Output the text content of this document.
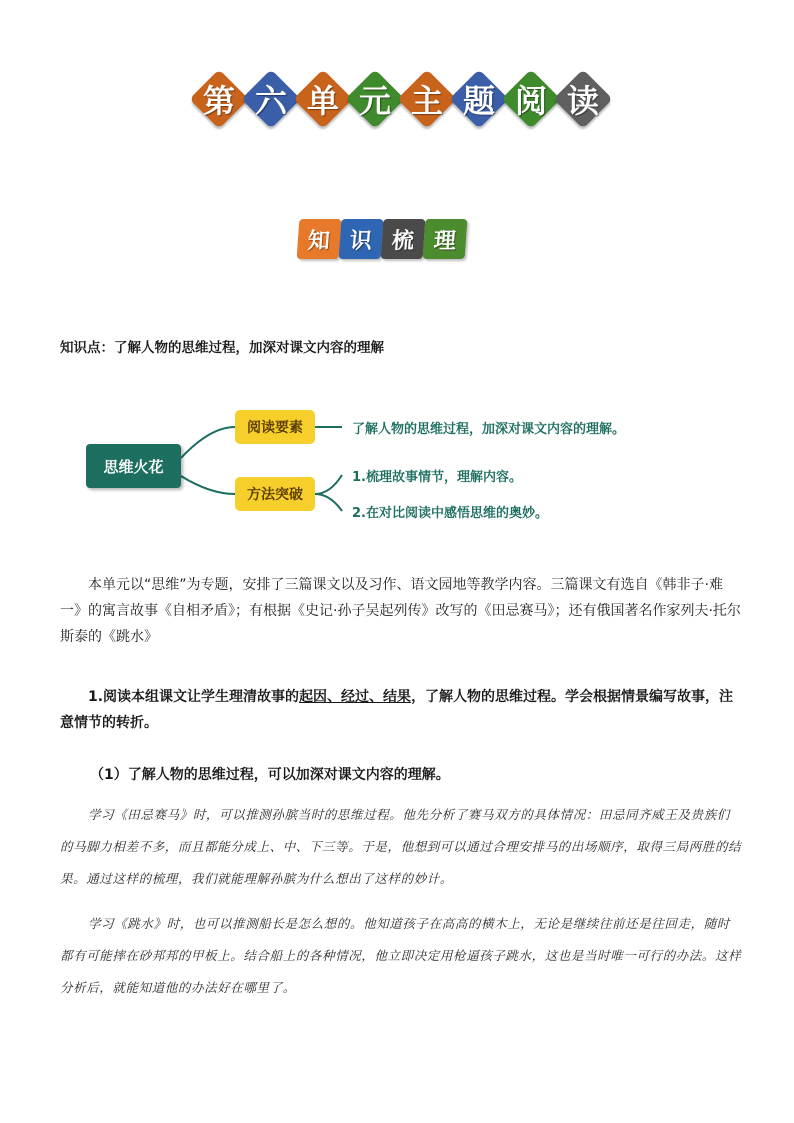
第 六 单 元 主 题 阅 读
知 识 梳 理
知识点：了解人物的思维过程，加深对课文内容的理解
思维火花
阅读要素
方法突破
了解人物的思维过程，加深对课文内容的理解。
1.梳理故事情节，理解内容。
2.在对比阅读中感悟思维的奥妙。
本单元以“思维”为专题，安排了三篇课文以及习作、语文园地等教学内容。三篇课文有选自《韩非子·难一》的寓言故事《自相矛盾》；有根据《史记·孙子吴起列传》改写的《田忌赛马》；还有俄国著名作家列夫·托尔斯泰的《跳水》
1.阅读本组课文让学生理清故事的起因、经过、结果，了解人物的思维过程。学会根据情景编写故事，注意情节的转折。
（1）了解人物的思维过程，可以加深对课文内容的理解。
学习《田忌赛马》时，可以推测孙膑当时的思维过程。他先分析了赛马双方的具体情况：田忌同齐威王及贵族们的马脚力相差不多，而且都能分成上、中、下三等。于是，他想到可以通过合理安排马的出场顺序，取得三局两胜的结果。通过这样的梳理，我们就能理解孙膑为什么想出了这样的妙计。
学习《跳水》时，也可以推测船长是怎么想的。他知道孩子在高高的横木上，无论是继续往前还是往回走，随时都有可能摔在砂邦邦的甲板上。结合船上的各种情况，他立即决定用枪逼孩子跳水，这也是当时唯一可行的办法。这样分析后，就能知道他的办法好在哪里了。
